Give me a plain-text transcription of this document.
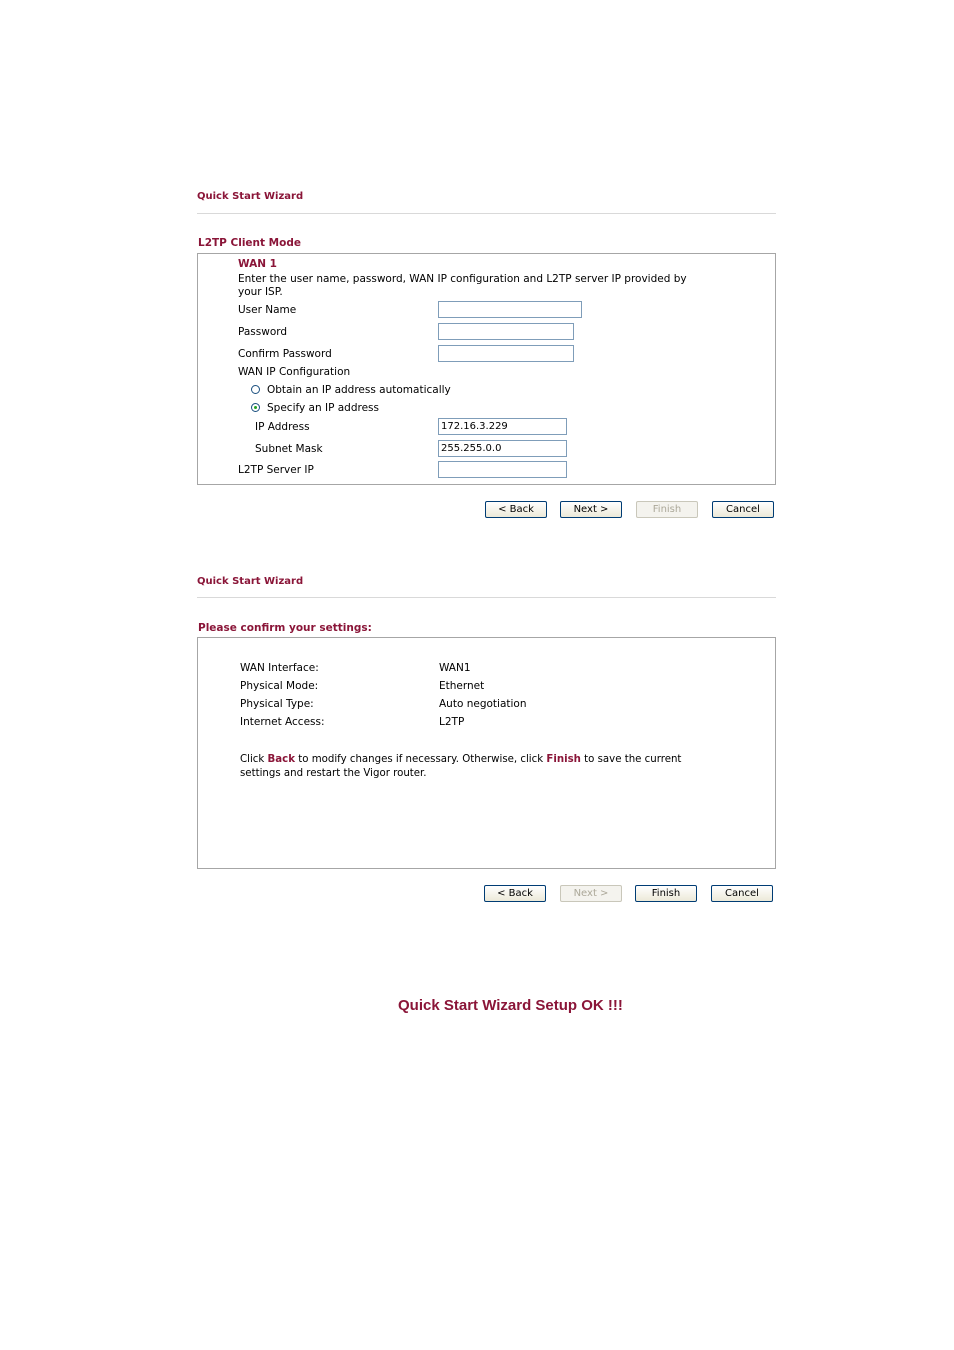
Quick Start Wizard
L2TP Client Mode
WAN 1
Enter the user name, password, WAN IP configuration and L2TP server IP provided by
your ISP.
User Name
Password
Confirm Password
WAN IP Configuration
Obtain an IP address automatically
Specify an IP address
IP Address	172.16.3.229
Subnet Mask	255.255.0.0
L2TP Server IP
< Back	Next >	Finish	Cancel
Quick Start Wizard
Please confirm your settings:
WAN Interface:	WAN1
Physical Mode:	Ethernet
Physical Type:	Auto negotiation
Internet Access:	L2TP
Click Back to modify changes if necessary. Otherwise, click Finish to save the current
settings and restart the Vigor router.
< Back	Next >	Finish	Cancel
Quick Start Wizard Setup OK !!!
